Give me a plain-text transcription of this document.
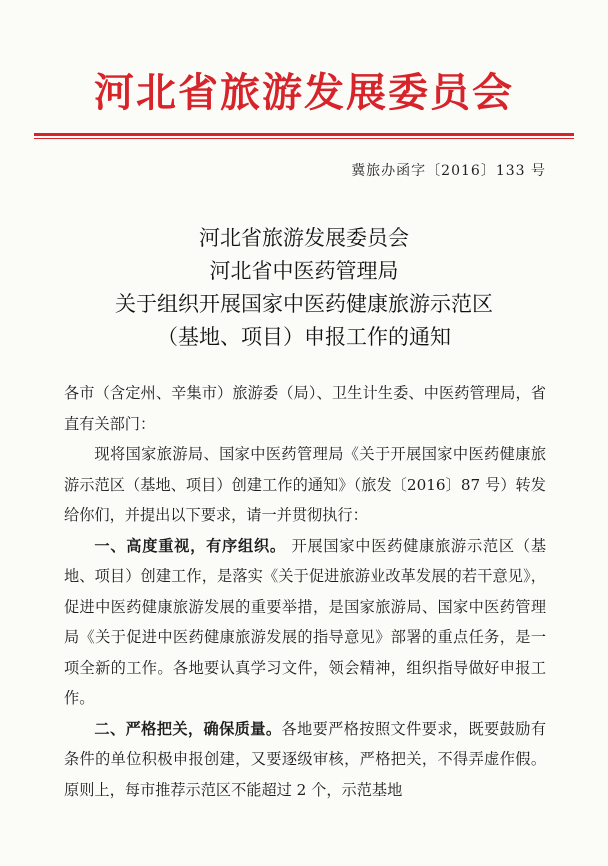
河北省旅游发展委员会
冀旅办函字〔2016〕133 号
河北省旅游发展委员会
河北省中医药管理局
关于组织开展国家中医药健康旅游示范区
（基地、项目）申报工作的通知

各市（含定州、辛集市）旅游委（局）、卫生计生委、中医药管理局，省直有关部门：

现将国家旅游局、国家中医药管理局《关于开展国家中医药健康旅游示范区（基地、项目）创建工作的通知》（旅发〔2016〕87 号）转发给你们，并提出以下要求，请一并贯彻执行：

一、高度重视，有序组织。 开展国家中医药健康旅游示范区（基地、项目）创建工作，是落实《关于促进旅游业改革发展的若干意见》，促进中医药健康旅游发展的重要举措，是国家旅游局、国家中医药管理局《关于促进中医药健康旅游发展的指导意见》部署的重点任务，是一项全新的工作。各地要认真学习文件，领会精神，组织指导做好申报工作。

二、严格把关，确保质量。各地要严格按照文件要求，既要鼓励有条件的单位积极申报创建，又要逐级审核，严格把关，不得弄虚作假。原则上，每市推荐示范区不能超过 2 个，示范基地
